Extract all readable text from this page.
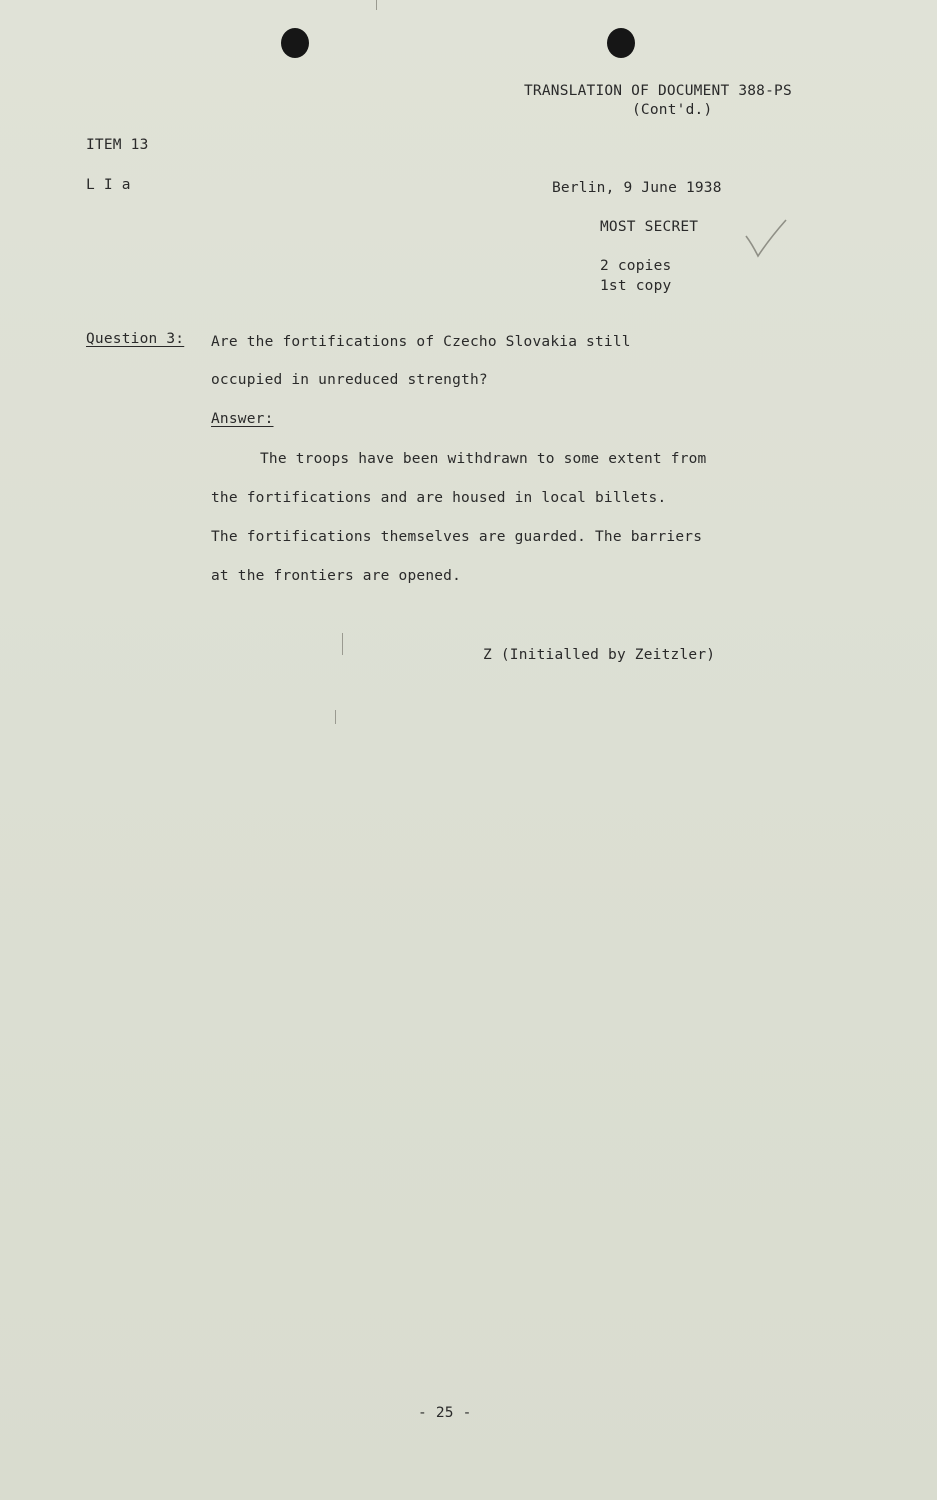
TRANSLATION OF DOCUMENT 388-PS
(Cont'd.)
ITEM 13
L I a	Berlin, 9 June 1938
MOST SECRET
2 copies
1st copy
Question 3: Are the fortifications of Czecho Slovakia still
occupied in unreduced strength?
Answer:
The troops have been withdrawn to some extent from
the fortifications and are housed in local billets.
The fortifications themselves are guarded. The barriers
at the frontiers are opened.
Z (Initialled by Zeitzler)
- 25 -
